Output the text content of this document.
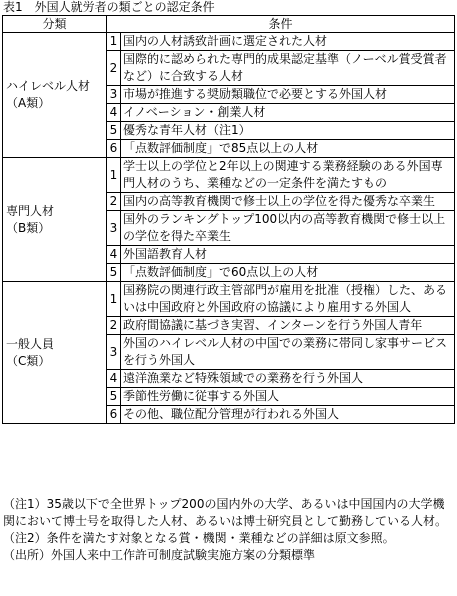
表1　外国人就労者の類ごとの認定条件
分類	条件	

ハイレベル人材
（A類）	1	国内の人材誘致計画に選定された人材
	2	国際的に認められた専門的成果認定基準（ノーベル賞受賞者など）に合致する人材
	3	市場が推進する奨励類職位で必要とする外国人材
	4	イノベーション・創業人材
	5	優秀な青年人材（注1）
	6	「点数評価制度」で85点以上の人材

専門人材
（B類）	1	学士以上の学位と2年以上の関連する業務経験のある外国専門人材のうち、業種などの一定条件を満たすもの
	2	国内の高等教育機関で修士以上の学位を得た優秀な卒業生
	3	国外のランキングトップ100以内の高等教育機関で修士以上の学位を得た卒業生
	4	外国語教育人材
	5	「点数評価制度」で60点以上の人材

一般人員
（C類）	1	国務院の関連行政主管部門が雇用を批准（授権）した、あるいは中国政府と外国政府の協議により雇用する外国人
	2	政府間協議に基づき実習、インターンを行う外国人青年
	3	外国のハイレベル人材の中国での業務に帯同し家事サービスを行う外国人
	4	遠洋漁業など特殊領域での業務を行う外国人
	5	季節性労働に従事する外国人
	6	その他、職位配分管理が行われる外国人
（注1）35歳以下で全世界トップ200の国内外の大学、あるいは中国国内の大学機関において博士号を取得した人材、あるいは博士研究員として勤務している人材。
（注2）条件を満たす対象となる賞・機関・業種などの詳細は原文参照。
（出所）外国人来中工作許可制度試験実施方案の分類標準
